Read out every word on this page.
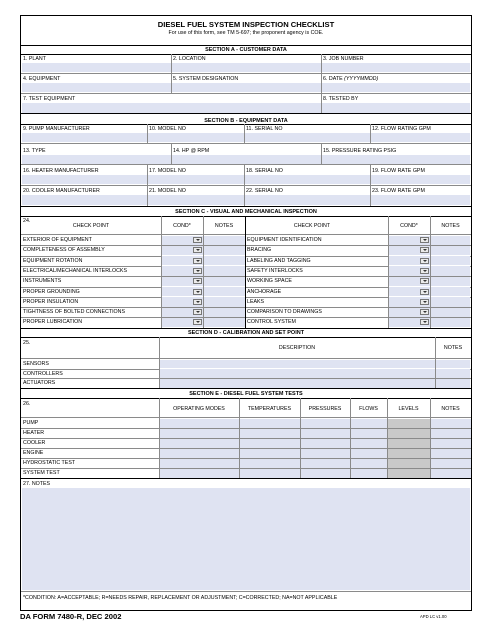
DIESEL FUEL SYSTEM INSPECTION CHECKLIST
For use of this form, see TM 5-697; the proponent agency is COE.
SECTION A - CUSTOMER DATA
1. PLANT	2. LOCATION	3. JOB NUMBER
4. EQUIPMENT	5. SYSTEM DESIGNATION	6. DATE (YYYYMMDD)
7. TEST EQUIPMENT	8. TESTED BY
SECTION B - EQUIPMENT DATA
9. PUMP MANUFACTURER	10. MODEL NO	11. SERIAL NO	12. FLOW RATING GPM
13. TYPE	14. HP @ RPM	15. PRESSURE RATING PSIG
16. HEATER MANUFACTURER	17. MODEL NO	18. SERIAL NO	19. FLOW RATE GPM
20. COOLER MANUFACTURER	21. MODEL NO	22. SERIAL NO	23. FLOW RATE GPM
SECTION C - VISUAL AND MECHANICAL INSPECTION
24.
CHECK POINT	COND*	NOTES	CHECK POINT	COND*	NOTES
EXTERIOR OF EQUIPMENT	EQUIPMENT IDENTIFICATION
COMPLETENESS OF ASSEMBLY	BRACING
EQUIPMENT ROTATION	LABELING AND TAGGING
ELECTRICAL/MECHANICAL INTERLOCKS	SAFETY INTERLOCKS
INSTRUMENTS	WORKING SPACE
PROPER GROUNDING	ANCHORAGE
PROPER INSULATION	LEAKS
TIGHTNESS OF BOLTED CONNECTIONS	COMPARISON TO DRAWINGS
PROPER LUBRICATION	CONTROL SYSTEM
SECTION D - CALIBRATION AND SET POINT
25.
DESCRIPTION	NOTES
SENSORS
CONTROLLERS
ACTUATORS
SECTION E - DIESEL FUEL SYSTEM TESTS
26.
OPERATING MODES	TEMPERATURES	PRESSURES	FLOWS	LEVELS	NOTES
PUMP
HEATER
COOLER
ENGINE
HYDROSTATIC TEST
SYSTEM TEST
27. NOTES
*CONDITION: A=ACCEPTABLE; R=NEEDS REPAIR, REPLACEMENT OR ADJUSTMENT; C=CORRECTED; NA=NOT APPLICABLE
DA FORM 7480-R, DEC 2002	APD LC v1.00
